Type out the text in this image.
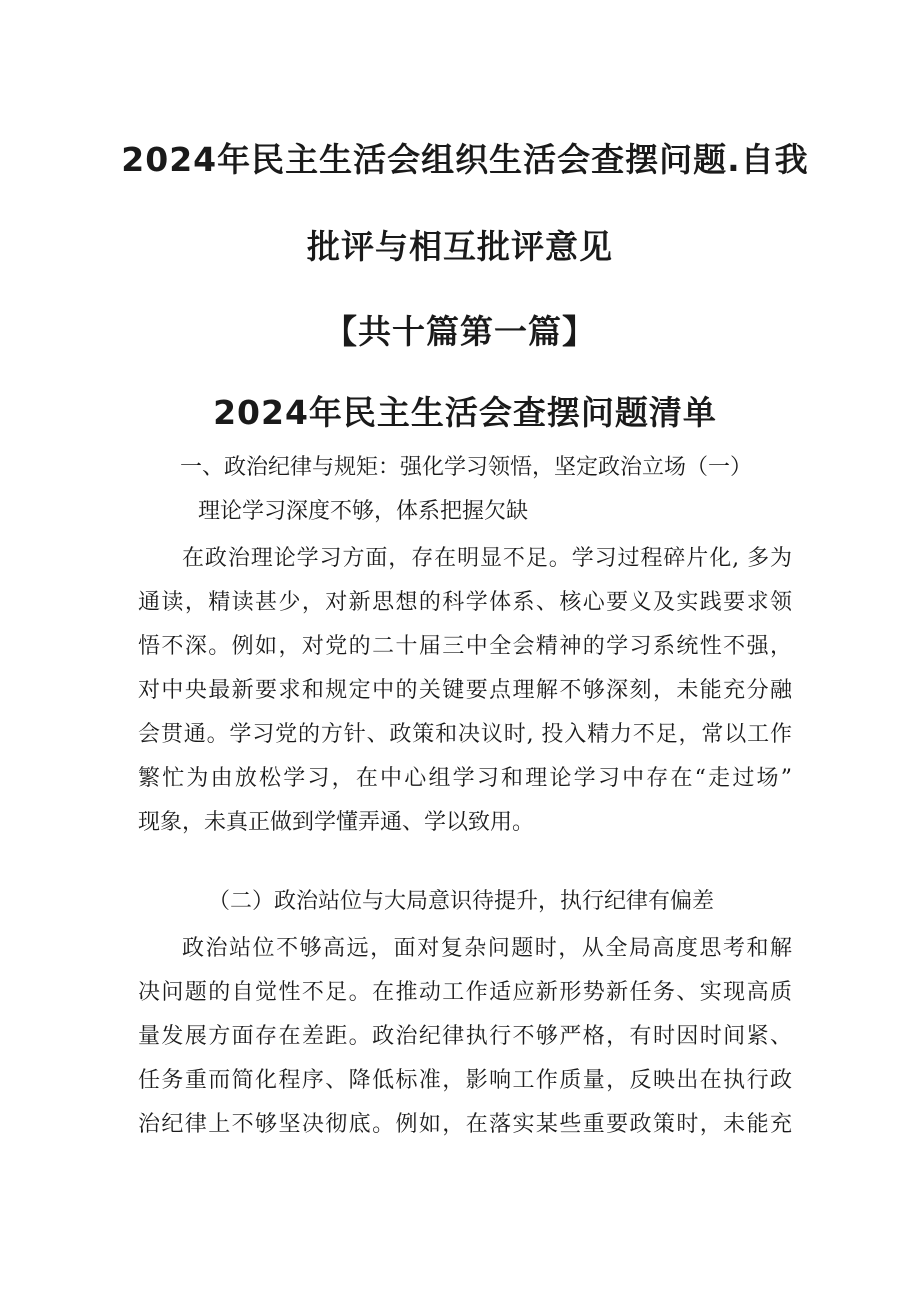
2024年民主生活会组织生活会查摆问题.自我
批评与相互批评意见
【共十篇第一篇】
2024年民主生活会查摆问题清单
一、政治纪律与规矩：强化学习领悟，坚定政治立场（一）
理论学习深度不够，体系把握欠缺
在政治理论学习方面，存在明显不足。学习过程碎片化, 多为
通读，精读甚少，对新思想的科学体系、核心要义及实践要求领
悟不深。例如，对党的二十届三中全会精神的学习系统性不强，
对中央最新要求和规定中的关键要点理解不够深刻，未能充分融
会贯通。学习党的方针、政策和决议时, 投入精力不足，常以工作
繁忙为由放松学习，在中心组学习和理论学习中存在“走过场”
现象，未真正做到学懂弄通、学以致用。
（二）政治站位与大局意识待提升，执行纪律有偏差
政治站位不够高远，面对复杂问题时，从全局高度思考和解
决问题的自觉性不足。在推动工作适应新形势新任务、实现高质
量发展方面存在差距。政治纪律执行不够严格，有时因时间紧、
任务重而简化程序、降低标准，影响工作质量，反映出在执行政
治纪律上不够坚决彻底。例如，在落实某些重要政策时，未能充
